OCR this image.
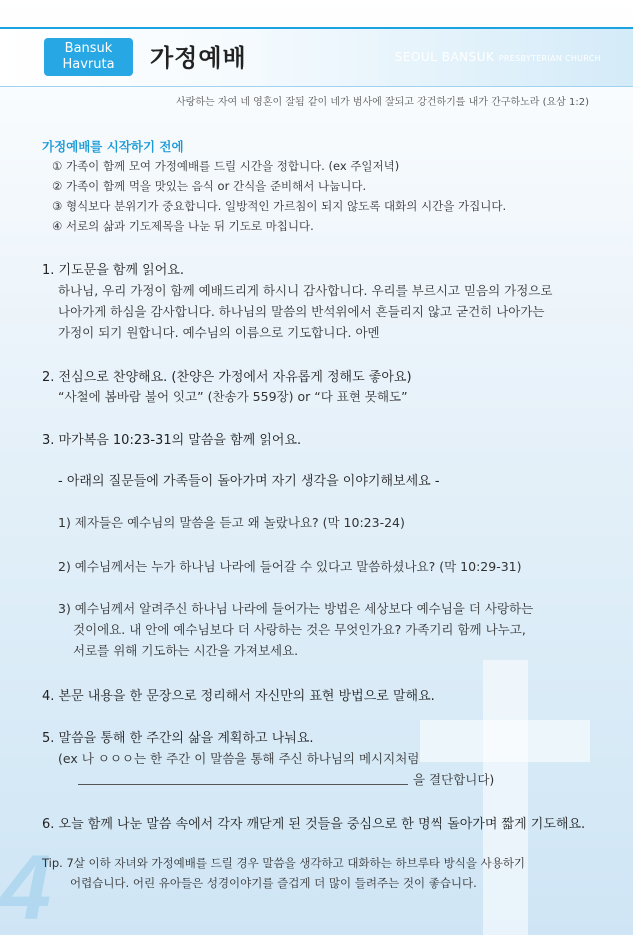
Bansuk
Havruta	가정예배	SEOUL BANSUK PRESBYTERIAN CHURCH
사랑하는 자여 네 영혼이 잘됨 같이 네가 범사에 잘되고 강건하기를 내가 간구하노라 (요삼 1:2)
4
가정예배를 시작하기 전에
① 가족이 함께 모여 가정예배를 드릴 시간을 정합니다. (ex 주일저녁)
② 가족이 함께 먹을 맛있는 음식 or 간식을 준비해서 나눕니다.
③ 형식보다 분위기가 중요합니다. 일방적인 가르침이 되지 않도록 대화의 시간을 가집니다.
④ 서로의 삶과 기도제목을 나눈 뒤 기도로 마칩니다.
1. 기도문을 함께 읽어요.
하나님, 우리 가정이 함께 예배드리게 하시니 감사합니다. 우리를 부르시고 믿음의 가정으로
나아가게 하심을 감사합니다. 하나님의 말씀의 반석위에서 흔들리지 않고 굳건히 나아가는
가정이 되기 원합니다. 예수님의 이름으로 기도합니다. 아멘
2. 전심으로 찬양해요. (찬양은 가정에서 자유롭게 정해도 좋아요)
“사철에 봄바람 불어 잇고” (찬송가 559장) or “다 표현 못해도”
3. 마가복음 10:23-31의 말씀을 함께 읽어요.
- 아래의 질문들에 가족들이 돌아가며 자기 생각을 이야기해보세요 -
1) 제자들은 예수님의 말씀을 듣고 왜 놀랐나요? (막 10:23-24)
2) 예수님께서는 누가 하나님 나라에 들어갈 수 있다고 말씀하셨나요? (막 10:29-31)
3) 예수님께서 알려주신 하나님 나라에 들어가는 방법은 세상보다 예수님을 더 사랑하는
것이에요. 내 안에 예수님보다 더 사랑하는 것은 무엇인가요? 가족기리 함께 나누고,
서로를 위해 기도하는 시간을 가져보세요.
4. 본문 내용을 한 문장으로 정리해서 자신만의 표현 방법으로 말해요.
5. 말씀을 통해 한 주간의 삶을 계획하고 나눠요.
(ex 나 ㅇㅇㅇ는 한 주간 이 말씀을 통해 주신 하나님의 메시지처럼
을 결단합니다)
6. 오늘 함께 나눈 말씀 속에서 각자 깨닫게 된 것들을 중심으로 한 명씩 돌아가며 짧게 기도해요.
Tip. 7살 이하 자녀와 가정예배를 드릴 경우 말씀을 생각하고 대화하는 하브루타 방식을 사용하기
어렵습니다. 어린 유아들은 성경이야기를 즐겁게 더 많이 들려주는 것이 좋습니다.
